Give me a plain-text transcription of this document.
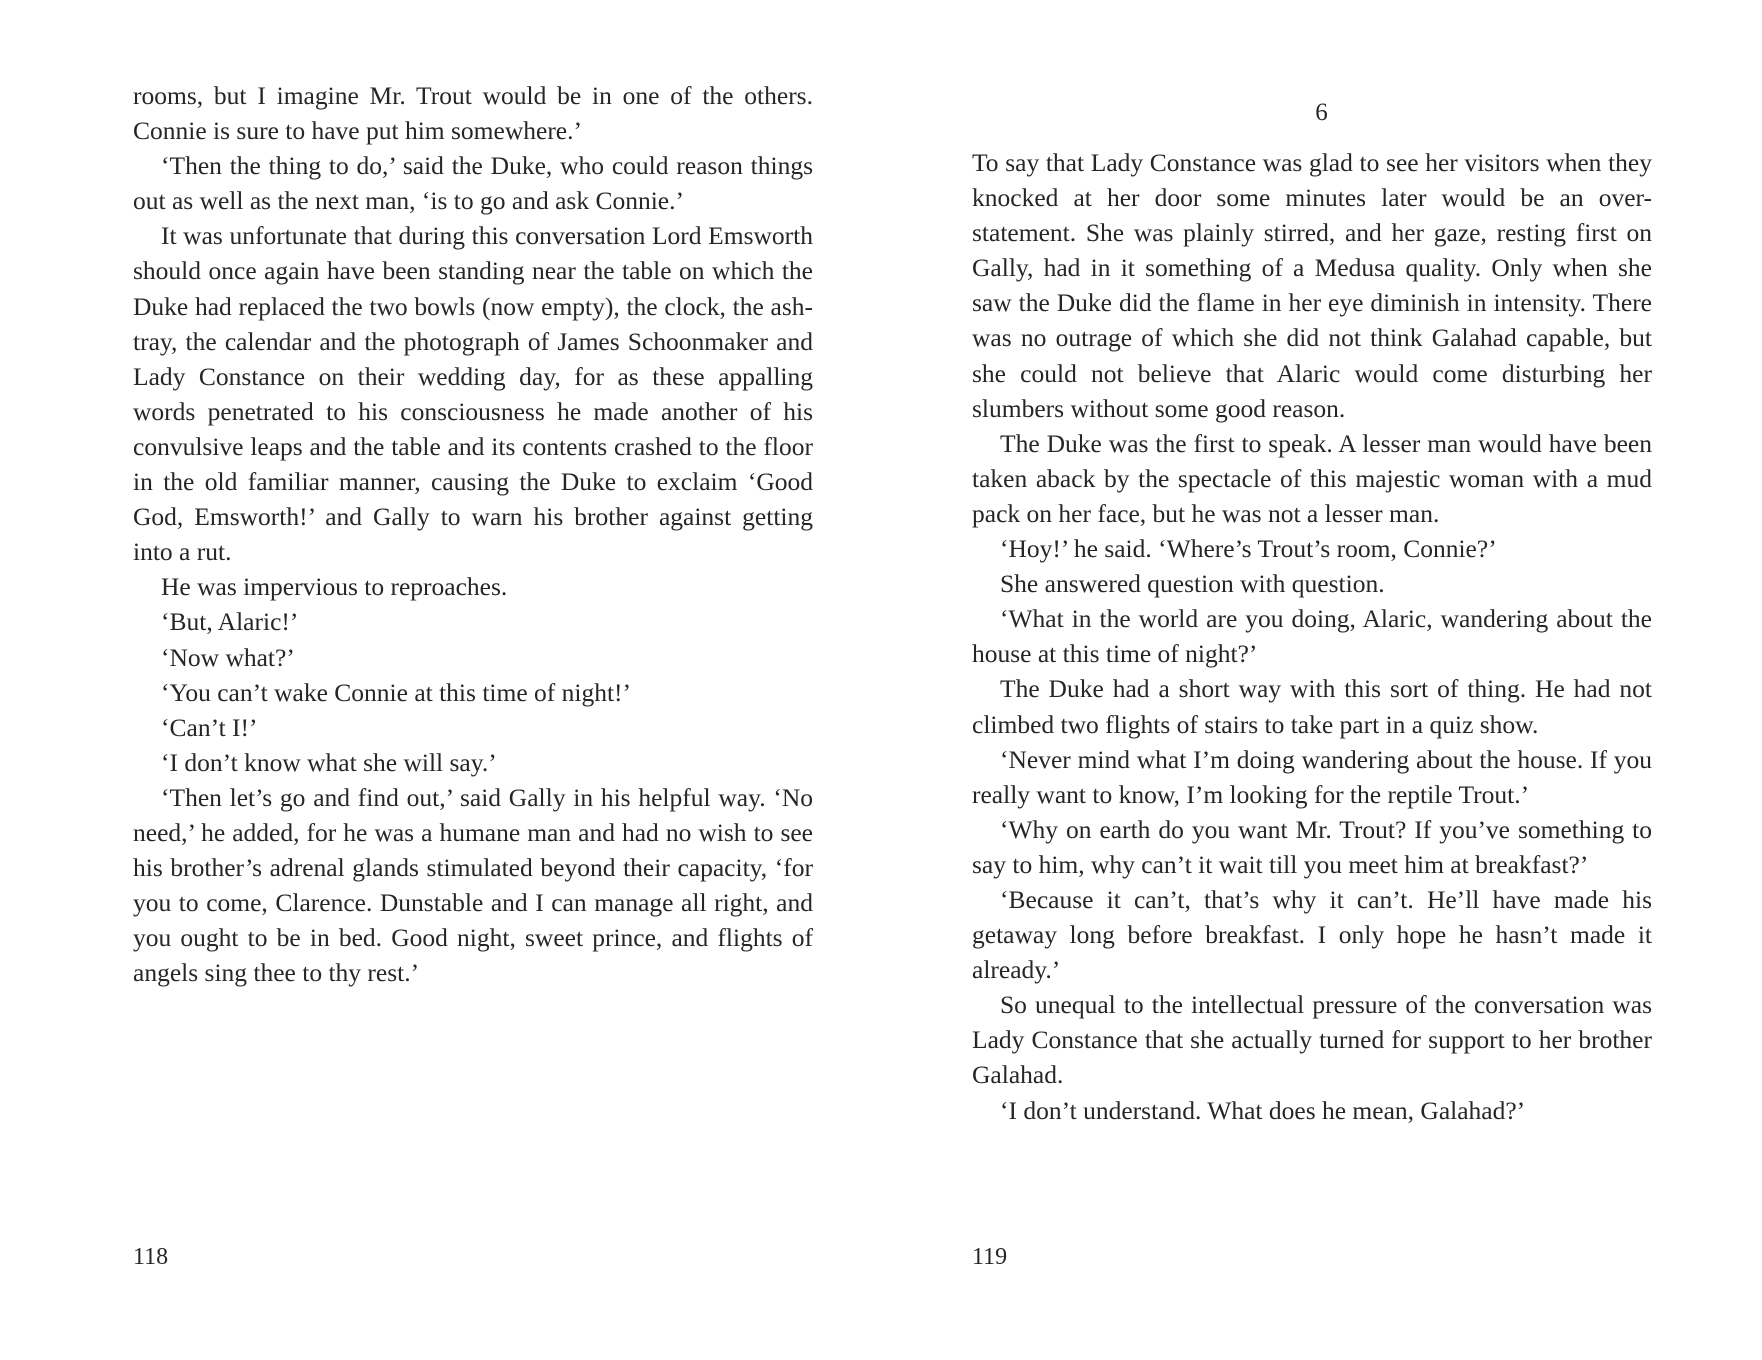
rooms, but I imagine Mr. Trout would be in one of the others. Connie is sure to have put him somewhere.’

‘Then the thing to do,’ said the Duke, who could reason things out as well as the next man, ‘is to go and ask Connie.’

It was unfortunate that during this conversation Lord Emsworth should once again have been standing near the table on which the Duke had replaced the two bowls (now empty), the clock, the ash-tray, the calendar and the photograph of James Schoonmaker and Lady Constance on their wedding day, for as these appalling words penetrated to his consciousness he made another of his convulsive leaps and the table and its contents crashed to the floor in the old familiar manner, causing the Duke to exclaim ‘Good God, Emsworth!’ and Gally to warn his brother against getting into a rut.

He was impervious to reproaches.

‘But, Alaric!’

‘Now what?’

‘You can’t wake Connie at this time of night!’

‘Can’t I!’

‘I don’t know what she will say.’

‘Then let’s go and find out,’ said Gally in his helpful way. ‘No need,’ he added, for he was a humane man and had no wish to see his brother’s adrenal glands stimulated beyond their capacity, ‘for you to come, Clarence. Dunstable and I can manage all right, and you ought to be in bed. Good night, sweet prince, and flights of angels sing thee to thy rest.’

118
6

To say that Lady Constance was glad to see her visitors when they knocked at her door some minutes later would be an over-statement. She was plainly stirred, and her gaze, resting first on Gally, had in it something of a Medusa quality. Only when she saw the Duke did the flame in her eye diminish in intensity. There was no outrage of which she did not think Galahad capable, but she could not believe that Alaric would come disturbing her slumbers without some good reason.

The Duke was the first to speak. A lesser man would have been taken aback by the spectacle of this majestic woman with a mud pack on her face, but he was not a lesser man.

‘Hoy!’ he said. ‘Where’s Trout’s room, Connie?’

She answered question with question.

‘What in the world are you doing, Alaric, wandering about the house at this time of night?’

The Duke had a short way with this sort of thing. He had not climbed two flights of stairs to take part in a quiz show.

‘Never mind what I’m doing wandering about the house. If you really want to know, I’m looking for the reptile Trout.’

‘Why on earth do you want Mr. Trout? If you’ve something to say to him, why can’t it wait till you meet him at breakfast?’

‘Because it can’t, that’s why it can’t. He’ll have made his getaway long before breakfast. I only hope he hasn’t made it already.’

So unequal to the intellectual pressure of the conversation was Lady Constance that she actually turned for support to her brother Galahad.

‘I don’t understand. What does he mean, Galahad?’

119
